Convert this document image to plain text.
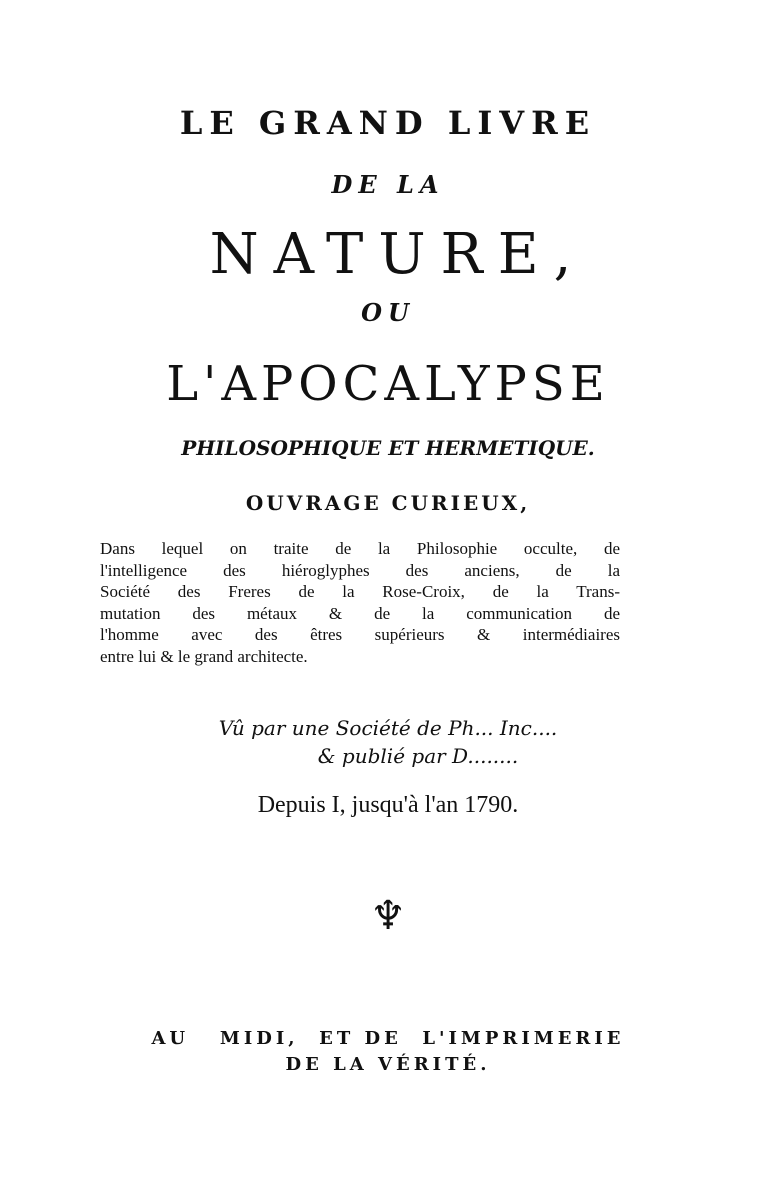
LE GRAND LIVRE
DE LA
NATURE,
OU
L'APOCALYPSE
PHILOSOPHIQUE ET HERMETIQUE.
OUVRAGE CURIEUX,
Dans lequel on traite de la Philosophie occulte, de
l'intelligence des hiéroglyphes des anciens, de la
Société des Freres de la Rose-Croix, de la Trans-
mutation des métaux & de la communication de
l'homme avec des êtres supérieurs & intermédiaires
entre lui & le grand architecte.
Vû par une Société de Ph... Inc....
& publié par D........
Depuis I, jusqu'à l'an 1790.
♆
AU   MIDI,  ET DE  L'IMPRIMERIE
DE LA VÉRITÉ.
